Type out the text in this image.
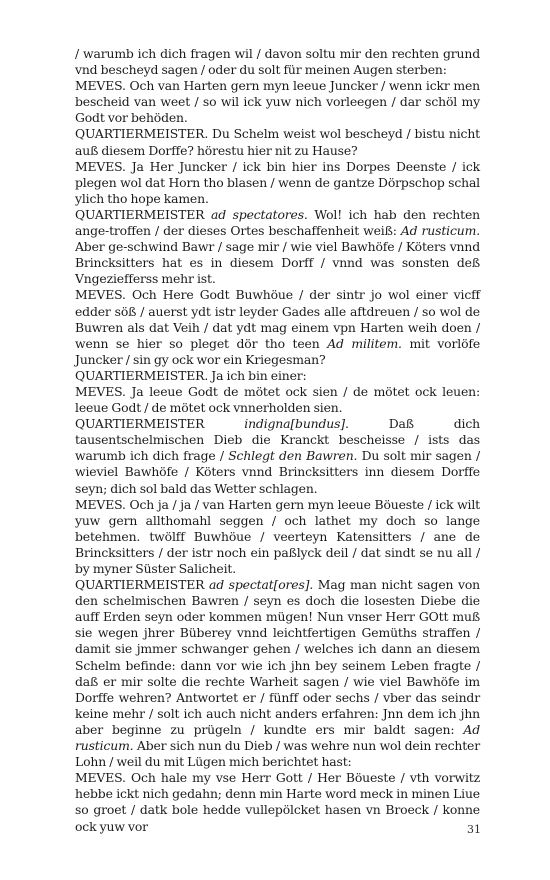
/ warumb ich dich fragen wil / davon soltu mir den rechten grund vnd bescheyd sagen / oder du solt für meinen Augen sterben:

MEVES. Och van Harten gern myn leeue Juncker / wenn ickr men bescheid van weet / so wil ick yuw nich vorleegen / dar schöl my Godt vor behöden.

QUARTIERMEISTER. Du Schelm weist wol bescheyd / bistu nicht auß diesem Dorffe? hörestu hier nit zu Hause?

MEVES. Ja Her Juncker / ick bin hier ins Dorpes Deenste / ick plegen wol dat Horn tho blasen / wenn de gantze Dörpschop schal ylich tho hope kamen.

QUARTIERMEISTER ad spectatores. Wol! ich hab den rechten ange-troffen / der dieses Ortes beschaffenheit weiß: Ad rusticum. Aber ge-schwind Bawr / sage mir / wie viel Bawhöfe / Köters vnnd Brincksitters hat es in diesem Dorff / vnnd was sonsten deß Vngeziefferss mehr ist.

MEVES. Och Here Godt Buwhöue / der sintr jo wol einer vicff edder söß / auerst ydt istr leyder Gades alle aftdreuen / so wol de Buwren als dat Veih / dat ydt mag einem vpn Harten weih doen / wenn se hier so pleget dör tho teen Ad militem. mit vorlöfe Juncker / sin gy ock wor ein Kriegesman?

QUARTIERMEISTER. Ja ich bin einer:

MEVES. Ja leeue Godt de mötet ock sien / de mötet ock leuen: leeue Godt / de mötet ock vnnerholden sien.

QUARTIERMEISTER	indigna[bundus]. Daß dich tausentschelmischen Dieb die Kranckt bescheisse / ists das warumb ich dich frage / Schlegt den Bawren. Du solt mir sagen / wieviel Bawhöfe / Köters vnnd Brincksitters inn diesem Dorffe seyn; dich sol bald das Wetter schlagen.

MEVES. Och ja / ja / van Harten gern myn leeue Böueste / ick wilt yuw gern allthomahl seggen / och lathet my doch so lange betehmen. twölff Buwhöue / veerteyn Katensitters / ane de Brincksitters / der istr noch ein paßlyck deil / dat sindt se nu all / by myner Süster Salicheit.

QUARTIERMEISTER ad spectat[ores]. Mag man nicht sagen von den schelmischen Bawren / seyn es doch die losesten Diebe die auff Erden seyn oder kommen mügen! Nun vnser Herr GOtt muß sie wegen jhrer Büberey vnnd leichtfertigen Gemüths straffen / damit sie jmmer schwanger gehen / welches ich dann an diesem Schelm befinde: dann vor wie ich jhn bey seinem Leben fragte / daß er mir solte die rechte Warheit sagen / wie viel Bawhöfe im Dorffe wehren? Antwortet er / fünff oder sechs / vber das seindr keine mehr / solt ich auch nicht anders erfahren: Jnn dem ich jhn aber beginne zu prügeln / kundte ers mir baldt sagen: Ad rusticum. Aber sich nun du Dieb / was wehre nun wol dein rechter Lohn / weil du mit Lügen mich berichtet hast:

MEVES. Och hale my vse Herr Gott / Her Böueste / vth vorwitz hebbe ickt nich gedahn; denn min Harte word meck in minen Liue so groet / datk bole hedde vullepölcket hasen vn Broeck / konne ock yuw vor	31
